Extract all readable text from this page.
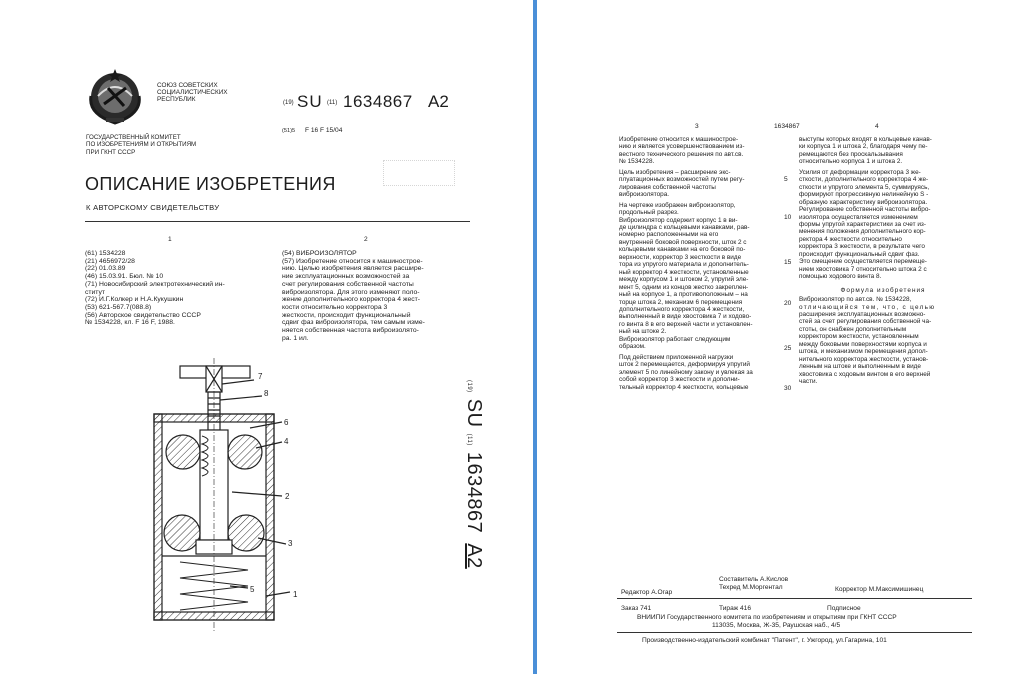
СОЮЗ СОВЕТСКИХ
СОЦИАЛИСТИЧЕСКИХ
РЕСПУБЛИК	(19) SU (11) 1634867 A2
(51)5 F 16 F 15/04
ГОСУДАРСТВЕННЫЙ КОМИТЕТ
ПО ИЗОБРЕТЕНИЯМ И ОТКРЫТИЯМ
ПРИ ГКНТ СССР
ОПИСАНИЕ ИЗОБРЕТЕНИЯ
К АВТОРСКОМУ СВИДЕТЕЛЬСТВУ
1	2
(61) 1534228
(21) 4656972/28
(22) 01.03.89
(46) 15.03.91. Бюл. № 10
(71) Новосибирский электротехнический ин-
ститут
(72) И.Г.Колкер и Н.А.Кукушкин
(53) 621-567.7(088.8)
(56) Авторское свидетельство СССР
№ 1534228, кл. F 16 F, 1988.
(54) ВИБРОИЗОЛЯТОР
(57) Изобретение относится к машинострое-
нию. Целью изобретения является расшире-
ние эксплуатационных возможностей за
счет регулирования собственной частоты
виброизолятора. Для этого изменяют поло-
жение дополнительного корректора 4 жест-
кости относительно корректора 3
жесткости, происходит функциональный
сдвиг фаз виброизолятора, тем самым изме-
няется собственная частота виброизолято-
ра. 1 ил.
7
8
6
4
2
3
5
1
(19) SU (11) 1634867 A2
3	1634867	4
Изобретение относится к машинострое-
нию и является усовершенствованием из-
вестного технического решения по авт.св.
№ 1534228.
Цель изобретения – расширение экс-
плуатационных возможностей путем регу-
лирования собственной частоты
виброизолятора.
На чертеже изображен виброизолятор,
продольный разрез.
Виброизолятор содержит корпус 1 в ви-
де цилиндра с кольцевыми канавками, рав-
номерно расположенными на его
внутренней боковой поверхности, шток 2 с
кольцевыми канавками на его боковой по-
верхности, корректор 3 жесткости в виде
тора из упругого материала и дополнитель-
ный корректор 4 жесткости, установленные
между корпусом 1 и штоком 2, упругий эле-
мент 5, одним из концов жестко закреплен-
ный на корпусе 1, а противоположным – на
торце штока 2, механизм 6 перемещения
дополнительного корректора 4 жесткости,
выполненный в виде хвостовика 7 и ходово-
го винта 8 в его верхней части и установлен-
ный на штоке 2.
Виброизолятор работает следующим
образом.
Под действием приложенной нагрузки
шток 2 перемещается, деформируя упругий
элемент 5 по линейному закону и увлекая за
собой корректор 3 жесткости и дополни-
тельный корректор 4 жесткости, кольцевые
5
10
15
20
25
30
выступы которых входят в кольцевые канав-
ки корпуса 1 и штока 2, благодаря чему пе-
ремещаются без проскальзывания
относительно корпуса 1 и штока 2.
Усилия от деформации корректора 3 же-
сткости, дополнительного корректора 4 же-
сткости и упругого элемента 5, суммируясь,
формируют прогрессивную нелинейную S -
образную характеристику виброизолятора.
Регулирование собственной частоты вибро-
изолятора осуществляется изменением
формы упругой характеристики за счет из-
менения положения дополнительного кор-
ректора 4 жесткости относительно
корректора 3 жесткости, в результате чего
происходит функциональный сдвиг фаз.
Это смещение осуществляется перемеще-
нием хвостовика 7 относительно штока 2 с
помощью ходового винта 8.
Формула изобретения
Виброизолятор по авт.св. № 1534228,
отличающийся тем, что, с целью
расширения эксплуатационных возможно-
стей за счет регулирования собственной ча-
стоты, он снабжен дополнительным
корректором жесткости, установленным
между боковыми поверхностями корпуса и
штока, и механизмом перемещения допол-
нительного корректора жесткости, установ-
ленным на штоке и выполненным в виде
хвостовика с ходовым винтом в его верхней
части.
Составитель А.Кислов
Редактор А.Огар
Техред М.Моргентал	Корректор М.Максимишинец
Заказ 741	Тираж 416	Подписное
ВНИИПИ Государственного комитета по изобретениям и открытиям при ГКНТ СССР
113035, Москва, Ж-35, Раушская наб., 4/5
Производственно-издательский комбинат "Патент", г. Ужгород, ул.Гагарина, 101
